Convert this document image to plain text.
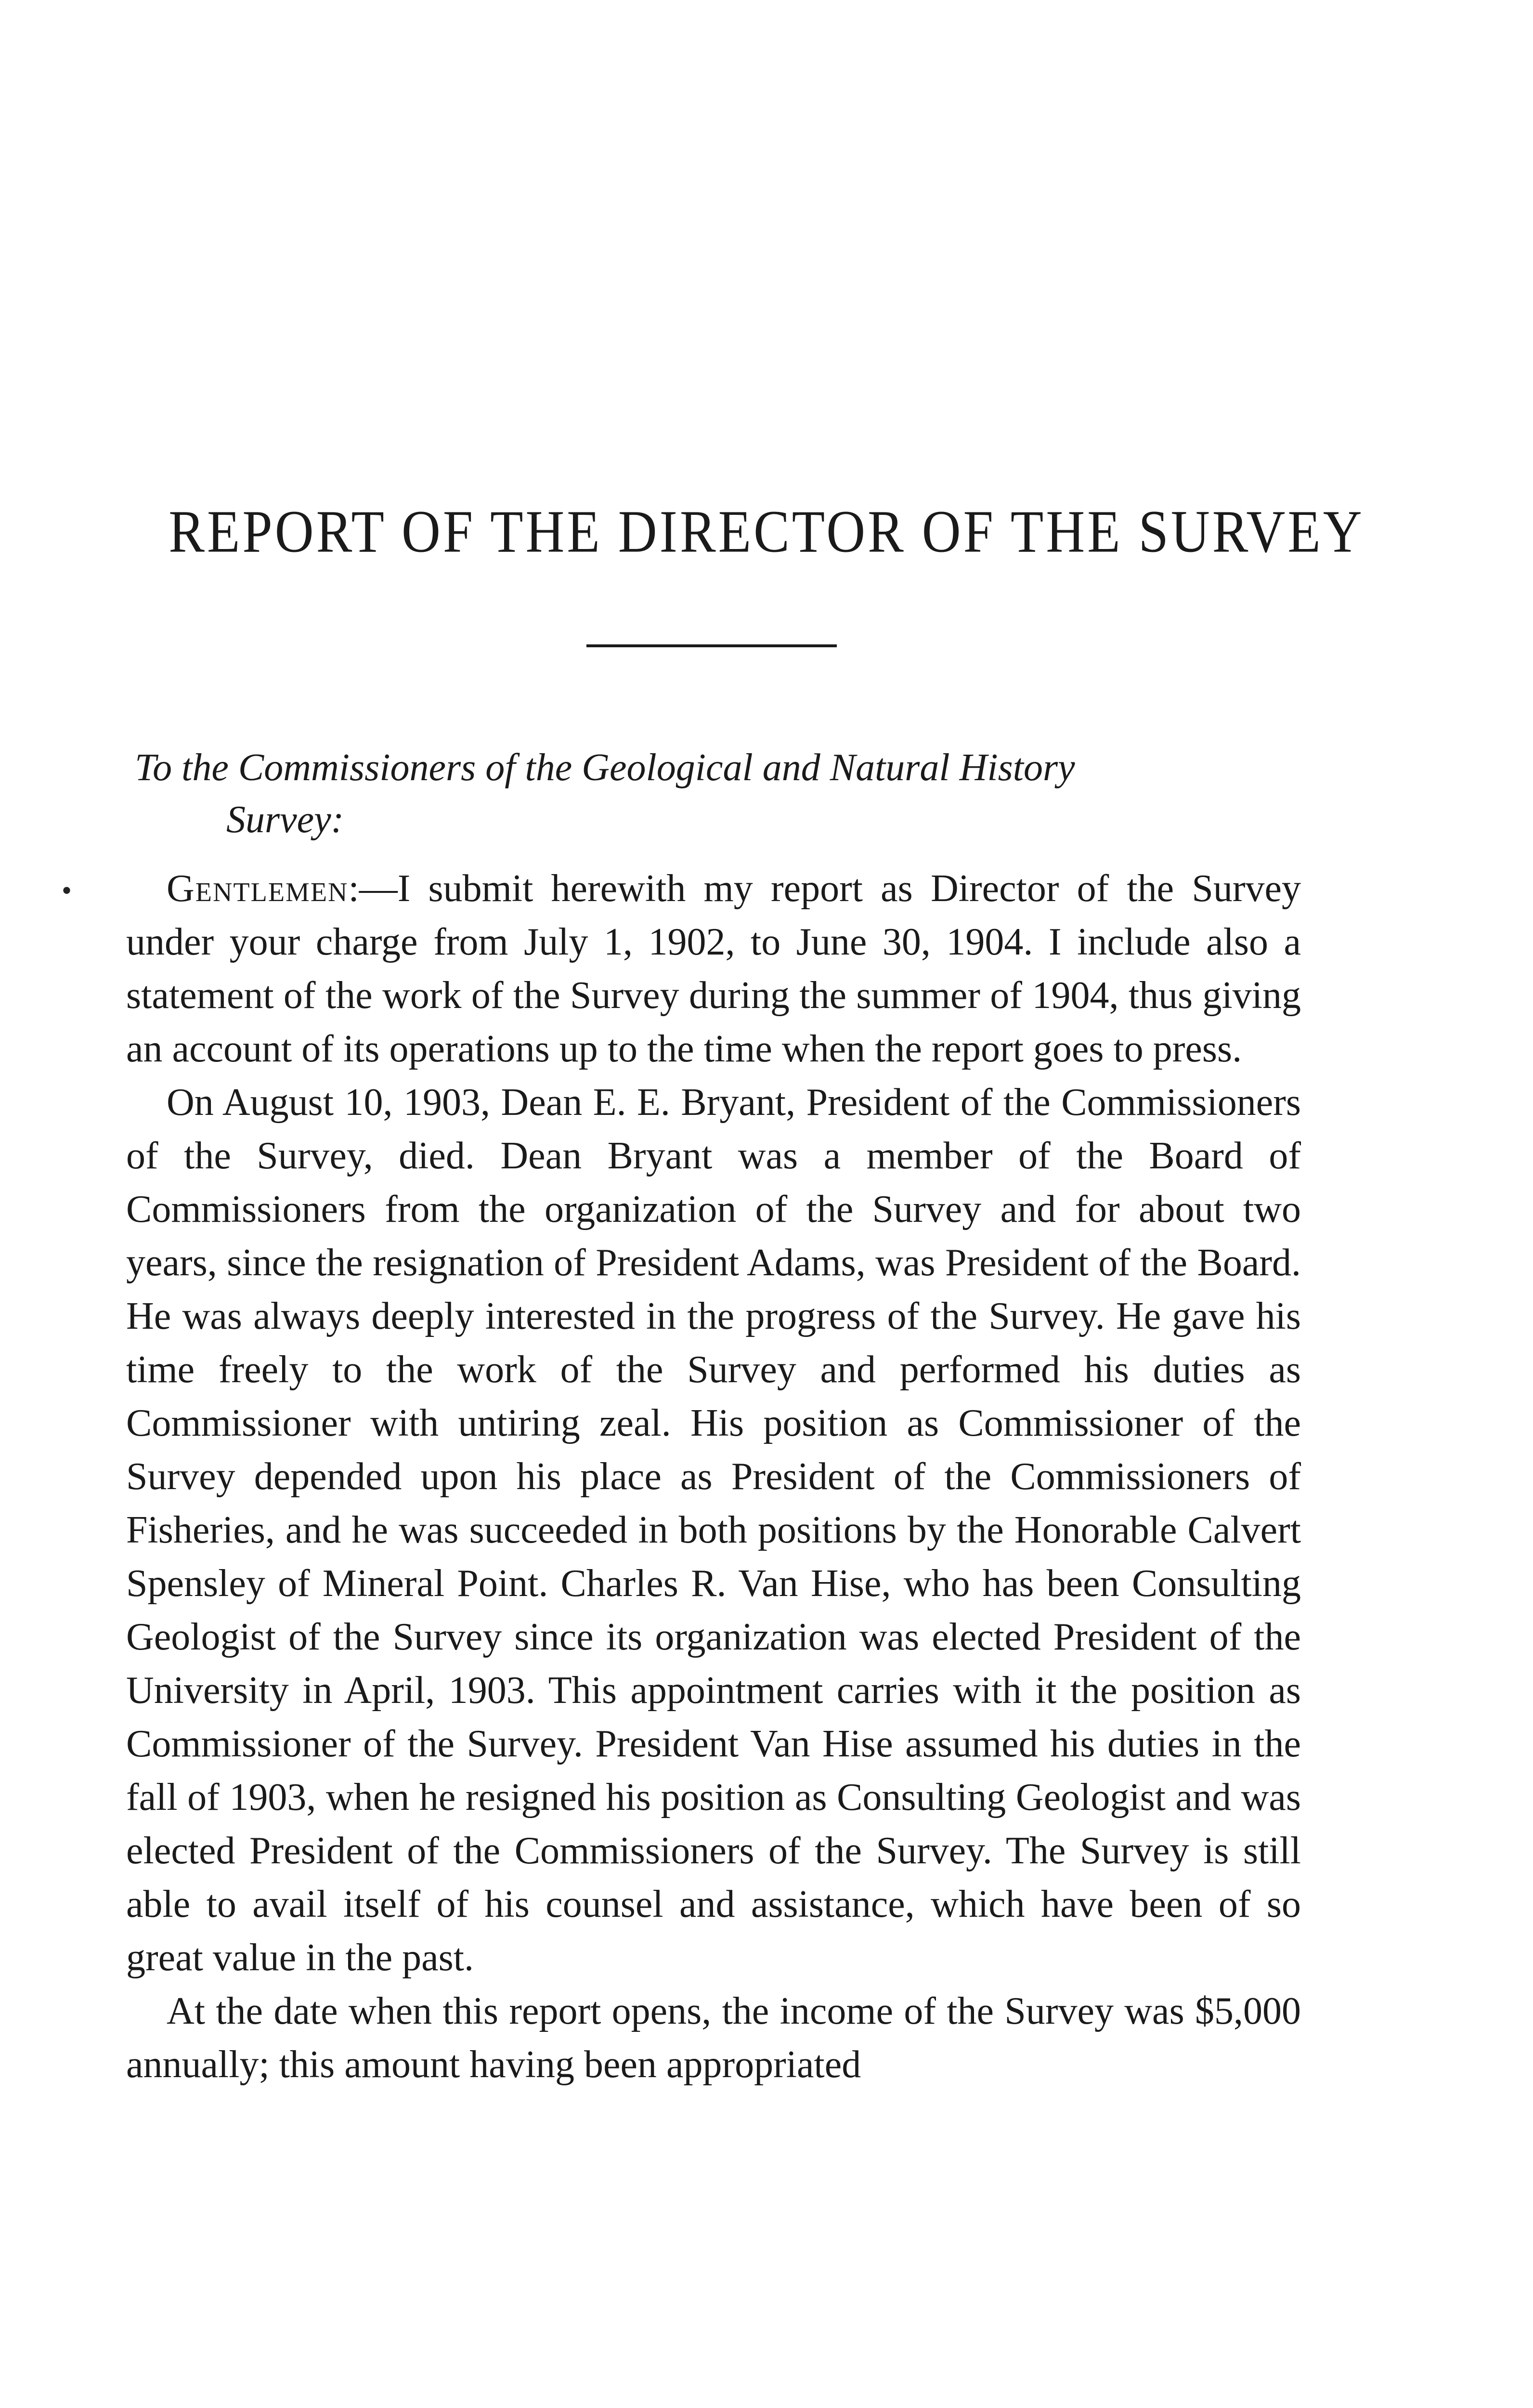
REPORT OF THE DIRECTOR OF THE SURVEY

To the Commissioners of the Geological and Natural History
Survey:

Gentlemen:—I submit herewith my report as Director of the Survey under your charge from July 1, 1902, to June 30, 1904. I include also a statement of the work of the Survey during the summer of 1904, thus giving an account of its operations up to the time when the report goes to press.

On August 10, 1903, Dean E. E. Bryant, President of the Commissioners of the Survey, died. Dean Bryant was a member of the Board of Commissioners from the organization of the Survey and for about two years, since the resignation of President Adams, was President of the Board. He was always deeply interested in the progress of the Survey. He gave his time freely to the work of the Survey and performed his duties as Commissioner with untiring zeal. His position as Commissioner of the Survey depended upon his place as President of the Commissioners of Fisheries, and he was succeeded in both positions by the Honorable Calvert Spensley of Mineral Point. Charles R. Van Hise, who has been Consulting Geologist of the Survey since its organization was elected President of the University in April, 1903. This appointment carries with it the position as Commissioner of the Survey. President Van Hise assumed his duties in the fall of 1903, when he resigned his position as Consulting Geologist and was elected President of the Commissioners of the Survey. The Survey is still able to avail itself of his counsel and assistance, which have been of so great value in the past.

At the date when this report opens, the income of the Survey was $5,000 annually; this amount having been appropriated

•
